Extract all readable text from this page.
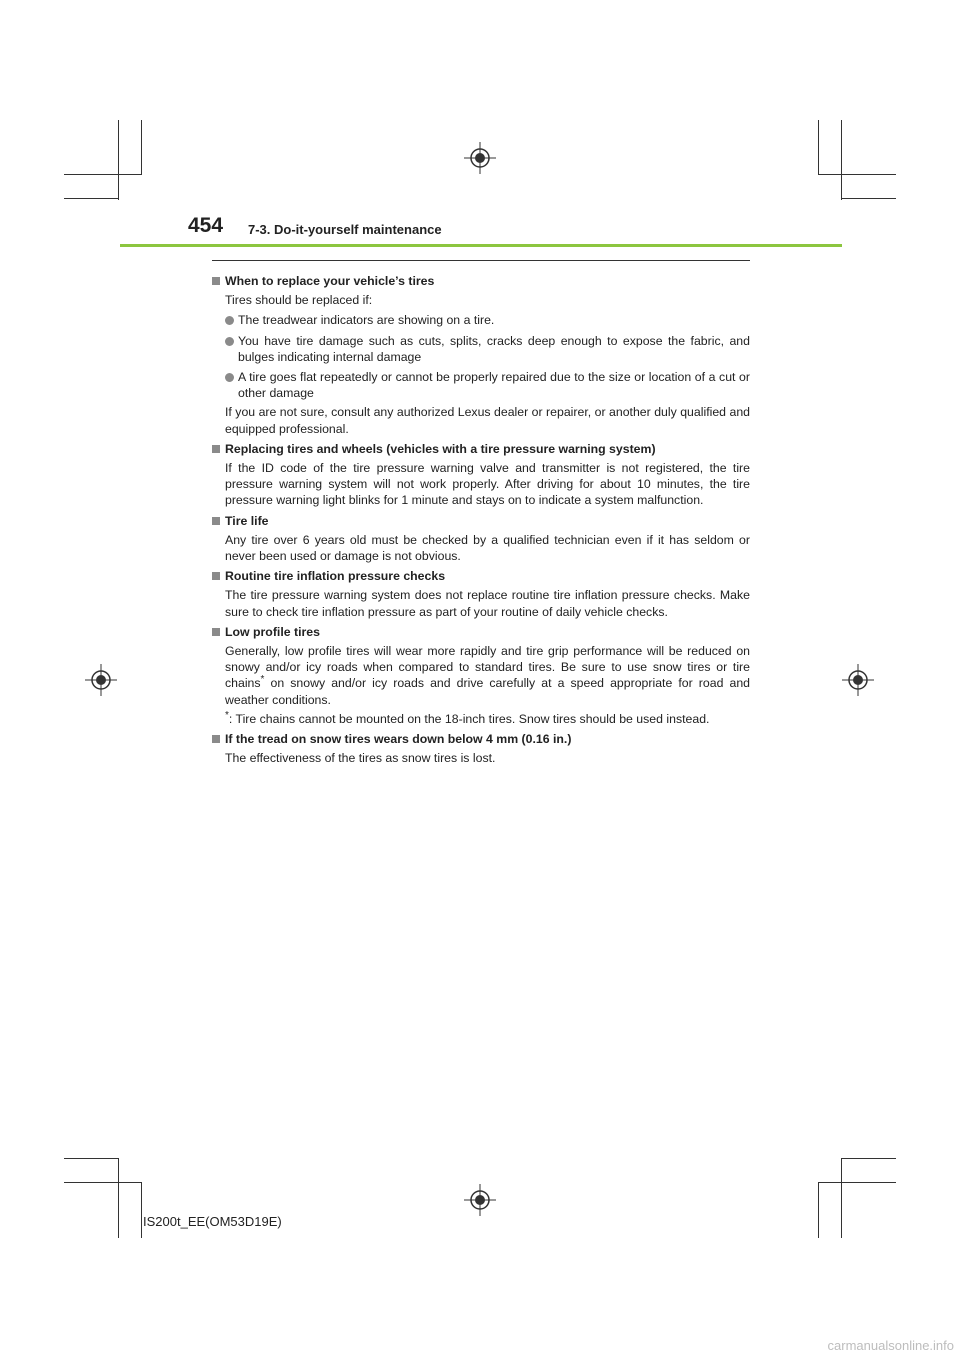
454 7-3. Do-it-yourself maintenance
When to replace your vehicle’s tires
Tires should be replaced if:
The treadwear indicators are showing on a tire.
You have tire damage such as cuts, splits, cracks deep enough to expose the fabric, and bulges indicating internal damage
A tire goes flat repeatedly or cannot be properly repaired due to the size or location of a cut or other damage
If you are not sure, consult any authorized Lexus dealer or repairer, or another duly qualified and equipped professional.
Replacing tires and wheels (vehicles with a tire pressure warning system)
If the ID code of the tire pressure warning valve and transmitter is not registered, the tire pressure warning system will not work properly. After driving for about 10 minutes, the tire pressure warning light blinks for 1 minute and stays on to indicate a system malfunction.
Tire life
Any tire over 6 years old must be checked by a qualified technician even if it has seldom or never been used or damage is not obvious.
Routine tire inflation pressure checks
The tire pressure warning system does not replace routine tire inflation pressure checks. Make sure to check tire inflation pressure as part of your routine of daily vehicle checks.
Low profile tires
Generally, low profile tires will wear more rapidly and tire grip performance will be reduced on snowy and/or icy roads when compared to standard tires. Be sure to use snow tires or tire chains* on snowy and/or icy roads and drive carefully at a speed appropriate for road and weather conditions.
*: Tire chains cannot be mounted on the 18-inch tires. Snow tires should be used instead.
If the tread on snow tires wears down below 4 mm (0.16 in.)
The effectiveness of the tires as snow tires is lost.
IS200t_EE(OM53D19E)
carmanualsonline.info
